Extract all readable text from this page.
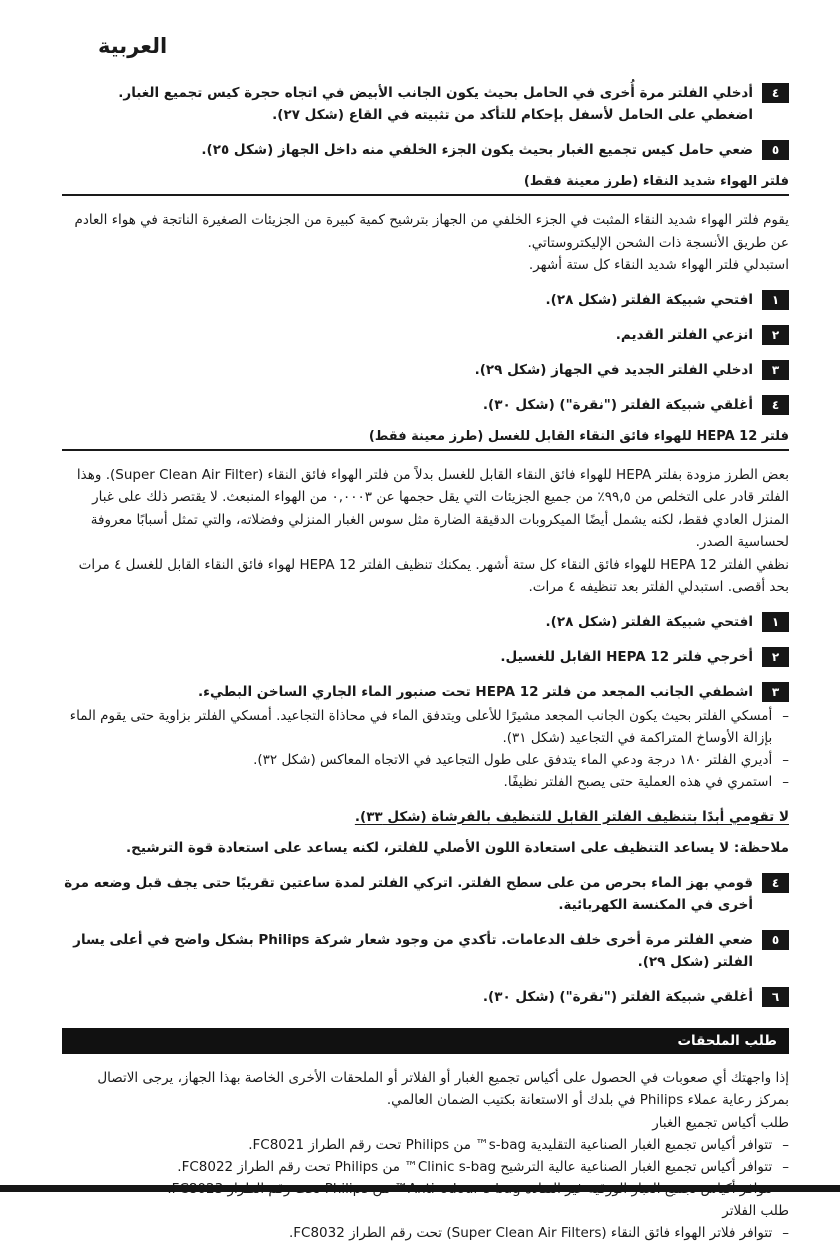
العربية
٤
أدخلي الفلتر مرة أُخرى في الحامل بحيث يكون الجانب الأبيض في اتجاه حجرة كيس تجميع الغبار. اضغطي على الحامل لأسفل بإحكام للتأكد من تثبيته في القاع (شكل ٢٧).
٥
ضعي حامل كيس تجميع الغبار بحيث يكون الجزء الخلفي منه داخل الجهاز (شكل ٢٥).
فلتر الهواء شديد النقاء (طرز معينة فقط)

يقوم فلتر الهواء شديد النقاء المثبت في الجزء الخلفي من الجهاز بترشيح كمية كبيرة من الجزيئات الصغيرة الناتجة في هواء العادم عن طريق الأنسجة ذات الشحن الإليكتروستاتي.

استبدلي فلتر الهواء شديد النقاء كل ستة أشهر.

١
افتحي شبيكة الفلتر (شكل ٢٨).
٢
انزعي الفلتر القديم.
٣
ادخلي الفلتر الجديد في الجهاز (شكل ٢٩).
٤
أغلقي شبيكة الفلتر ("نقرة") (شكل ٣٠).
فلتر HEPA 12 للهواء فائق النقاء القابل للغسل (طرز معينة فقط)

بعض الطرز مزودة بفلتر HEPA للهواء فائق النقاء القابل للغسل بدلاً من فلتر الهواء فائق النقاء (Super Clean Air Filter). وهذا الفلتر قادر على التخلص من ٩٩,٥٪ من جميع الجزيئات التي يقل حجمها عن ٠,٠٠٠٣ من الهواء المنبعث. لا يقتصر ذلك على غبار المنزل العادي فقط، لكنه يشمل أيضًا الميكروبات الدقيقة الضارة مثل سوس الغبار المنزلي وفضلاته، والتي تمثل أسبابًا معروفة لحساسية الصدر.

نظفي الفلتر HEPA 12 للهواء فائق النقاء كل ستة أشهر. يمكنك تنظيف الفلتر HEPA 12 لهواء فائق النقاء القابل للغسل ٤ مرات بحد أقصى. استبدلي الفلتر بعد تنظيفه ٤ مرات.

١
افتحي شبيكة الفلتر (شكل ٢٨).
٢
أخرجي فلتر HEPA 12 القابل للغسيل.
٣
اشطفي الجانب المجعد من فلتر HEPA 12 تحت صنبور الماء الجاري الساخن البطيء.
–
أمسكي الفلتر بحيث يكون الجانب المجعد مشيرًا للأعلى ويتدفق الماء في محاذاة التجاعيد. أمسكي الفلتر بزاوية حتى يقوم الماء بإزالة الأوساخ المتراكمة في التجاعيد (شكل ٣١).
–
أديري الفلتر ١٨٠ درجة ودعي الماء يتدفق على طول التجاعيد في الاتجاه المعاكس (شكل ٣٢).
–
استمري في هذه العملية حتى يصبح الفلتر نظيفًا.
لا تقومي أبدًا بتنظيف الفلتر القابل للتنظيف بالفرشاة (شكل ٣٣).
ملاحظة: لا يساعد التنظيف على استعادة اللون الأصلي للفلتر، لكنه يساعد على استعادة قوة الترشيح.
٤
قومي بهز الماء بحرص من على سطح الفلتر. اتركي الفلتر لمدة ساعتين تقريبًا حتى يجف قبل وضعه مرة أخرى في المكنسة الكهربائية.
٥
ضعي الفلتر مرة أخرى خلف الدعامات. تأكدي من وجود شعار شركة Philips بشكل واضح في أعلى يسار الفلتر (شكل ٢٩).
٦
أغلقي شبيكة الفلتر ("نقرة") (شكل ٣٠).
طلب الملحقات

إذا واجهتك أي صعوبات في الحصول على أكياس تجميع الغبار أو الفلاتر أو الملحقات الأخرى الخاصة بهذا الجهاز، يرجى الاتصال بمركز رعاية عملاء Philips في بلدك أو الاستعانة بكتيب الضمان العالمي.

طلب أكياس تجميع الغبار

–
تتوافر أكياس تجميع الغبار الصناعية التقليدية ‏s-bag™ من Philips تحت رقم الطراز FC8021.
–
تتوافر أكياس تجميع الغبار الصناعية عالية الترشيح ‏Clinic s-bag™ من Philips تحت رقم الطراز FC8022.

طلب الفلاتر

–
تتوافر فلاتر الهواء فائق النقاء (Super Clean Air Filters) تحت رقم الطراز FC8032.
